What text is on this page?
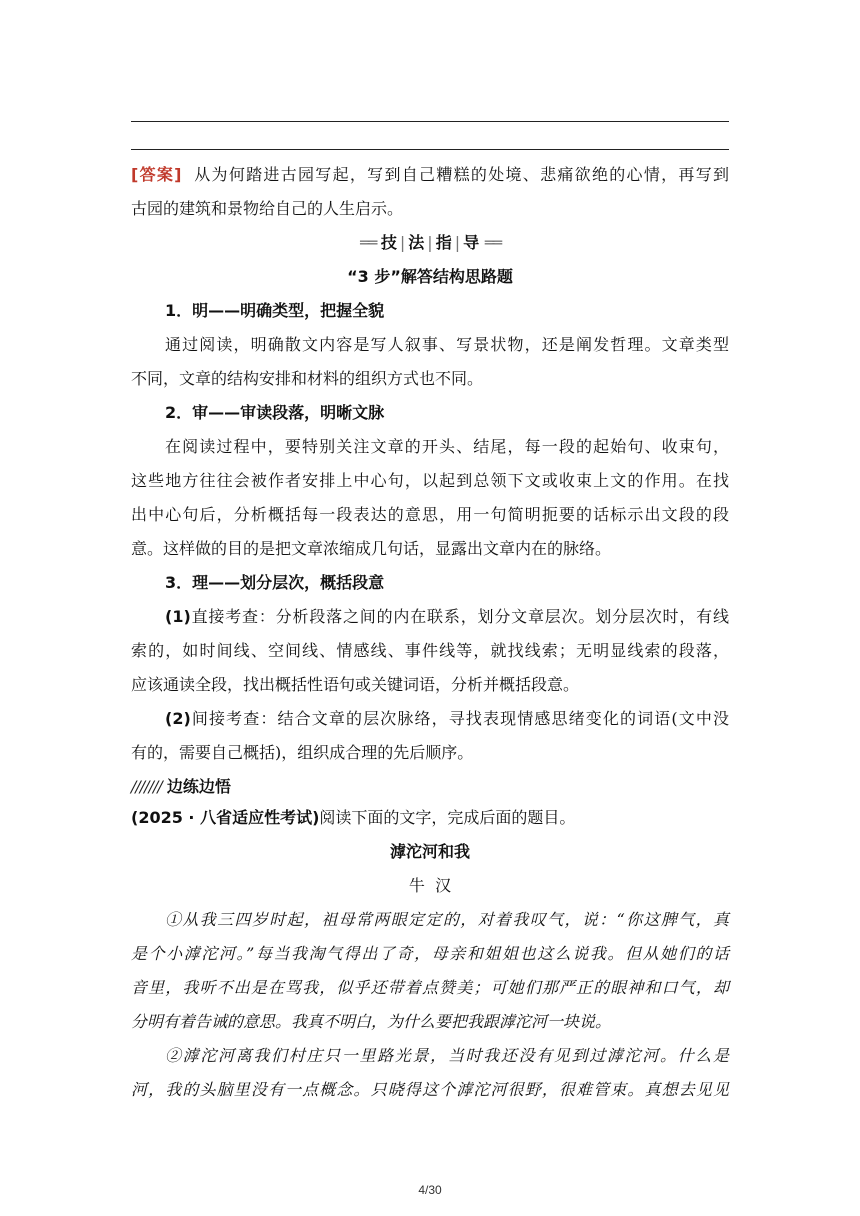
[答案] 从为何踏进古园写起，写到自己糟糕的处境、悲痛欲绝的心情，再写到
古园的建筑和景物给自己的人生启示。
══ 技 | 法 | 指 | 导 ══
“3 步”解答结构思路题
1．明——明确类型，把握全貌
通过阅读，明确散文内容是写人叙事、写景状物，还是阐发哲理。文章类型
不同，文章的结构安排和材料的组织方式也不同。
2．审——审读段落，明晰文脉
在阅读过程中，要特别关注文章的开头、结尾，每一段的起始句、收束句，
这些地方往往会被作者安排上中心句，以起到总领下文或收束上文的作用。在找
出中心句后，分析概括每一段表达的意思，用一句简明扼要的话标示出文段的段
意。这样做的目的是把文章浓缩成几句话，显露出文章内在的脉络。
3．理——划分层次，概括段意
(1)直接考查：分析段落之间的内在联系，划分文章层次。划分层次时，有线
索的，如时间线、空间线、情感线、事件线等，就找线索；无明显线索的段落，
应该通读全段，找出概括性语句或关键词语，分析并概括段意。
(2)间接考查：结合文章的层次脉络，寻找表现情感思绪变化的词语(文中没
有的，需要自己概括)，组织成合理的先后顺序。
/////// 边练边悟
(2025 · 八省适应性考试)阅读下面的文字，完成后面的题目。
滹沱河和我
牛  汉
①从我三四岁时起，祖母常两眼定定的，对着我叹气，说：“你这脾气，真
是个小滹沱河。”每当我淘气得出了奇，母亲和姐姐也这么说我。但从她们的话
音里，我听不出是在骂我，似乎还带着点赞美；可她们那严正的眼神和口气，却
分明有着告诫的意思。我真不明白，为什么要把我跟滹沱河一块说。
②滹沱河离我们村庄只一里路光景，当时我还没有见到过滹沱河。什么是
河，我的头脑里没有一点概念。只晓得这个滹沱河很野，很难管束。真想去见见
4/30
